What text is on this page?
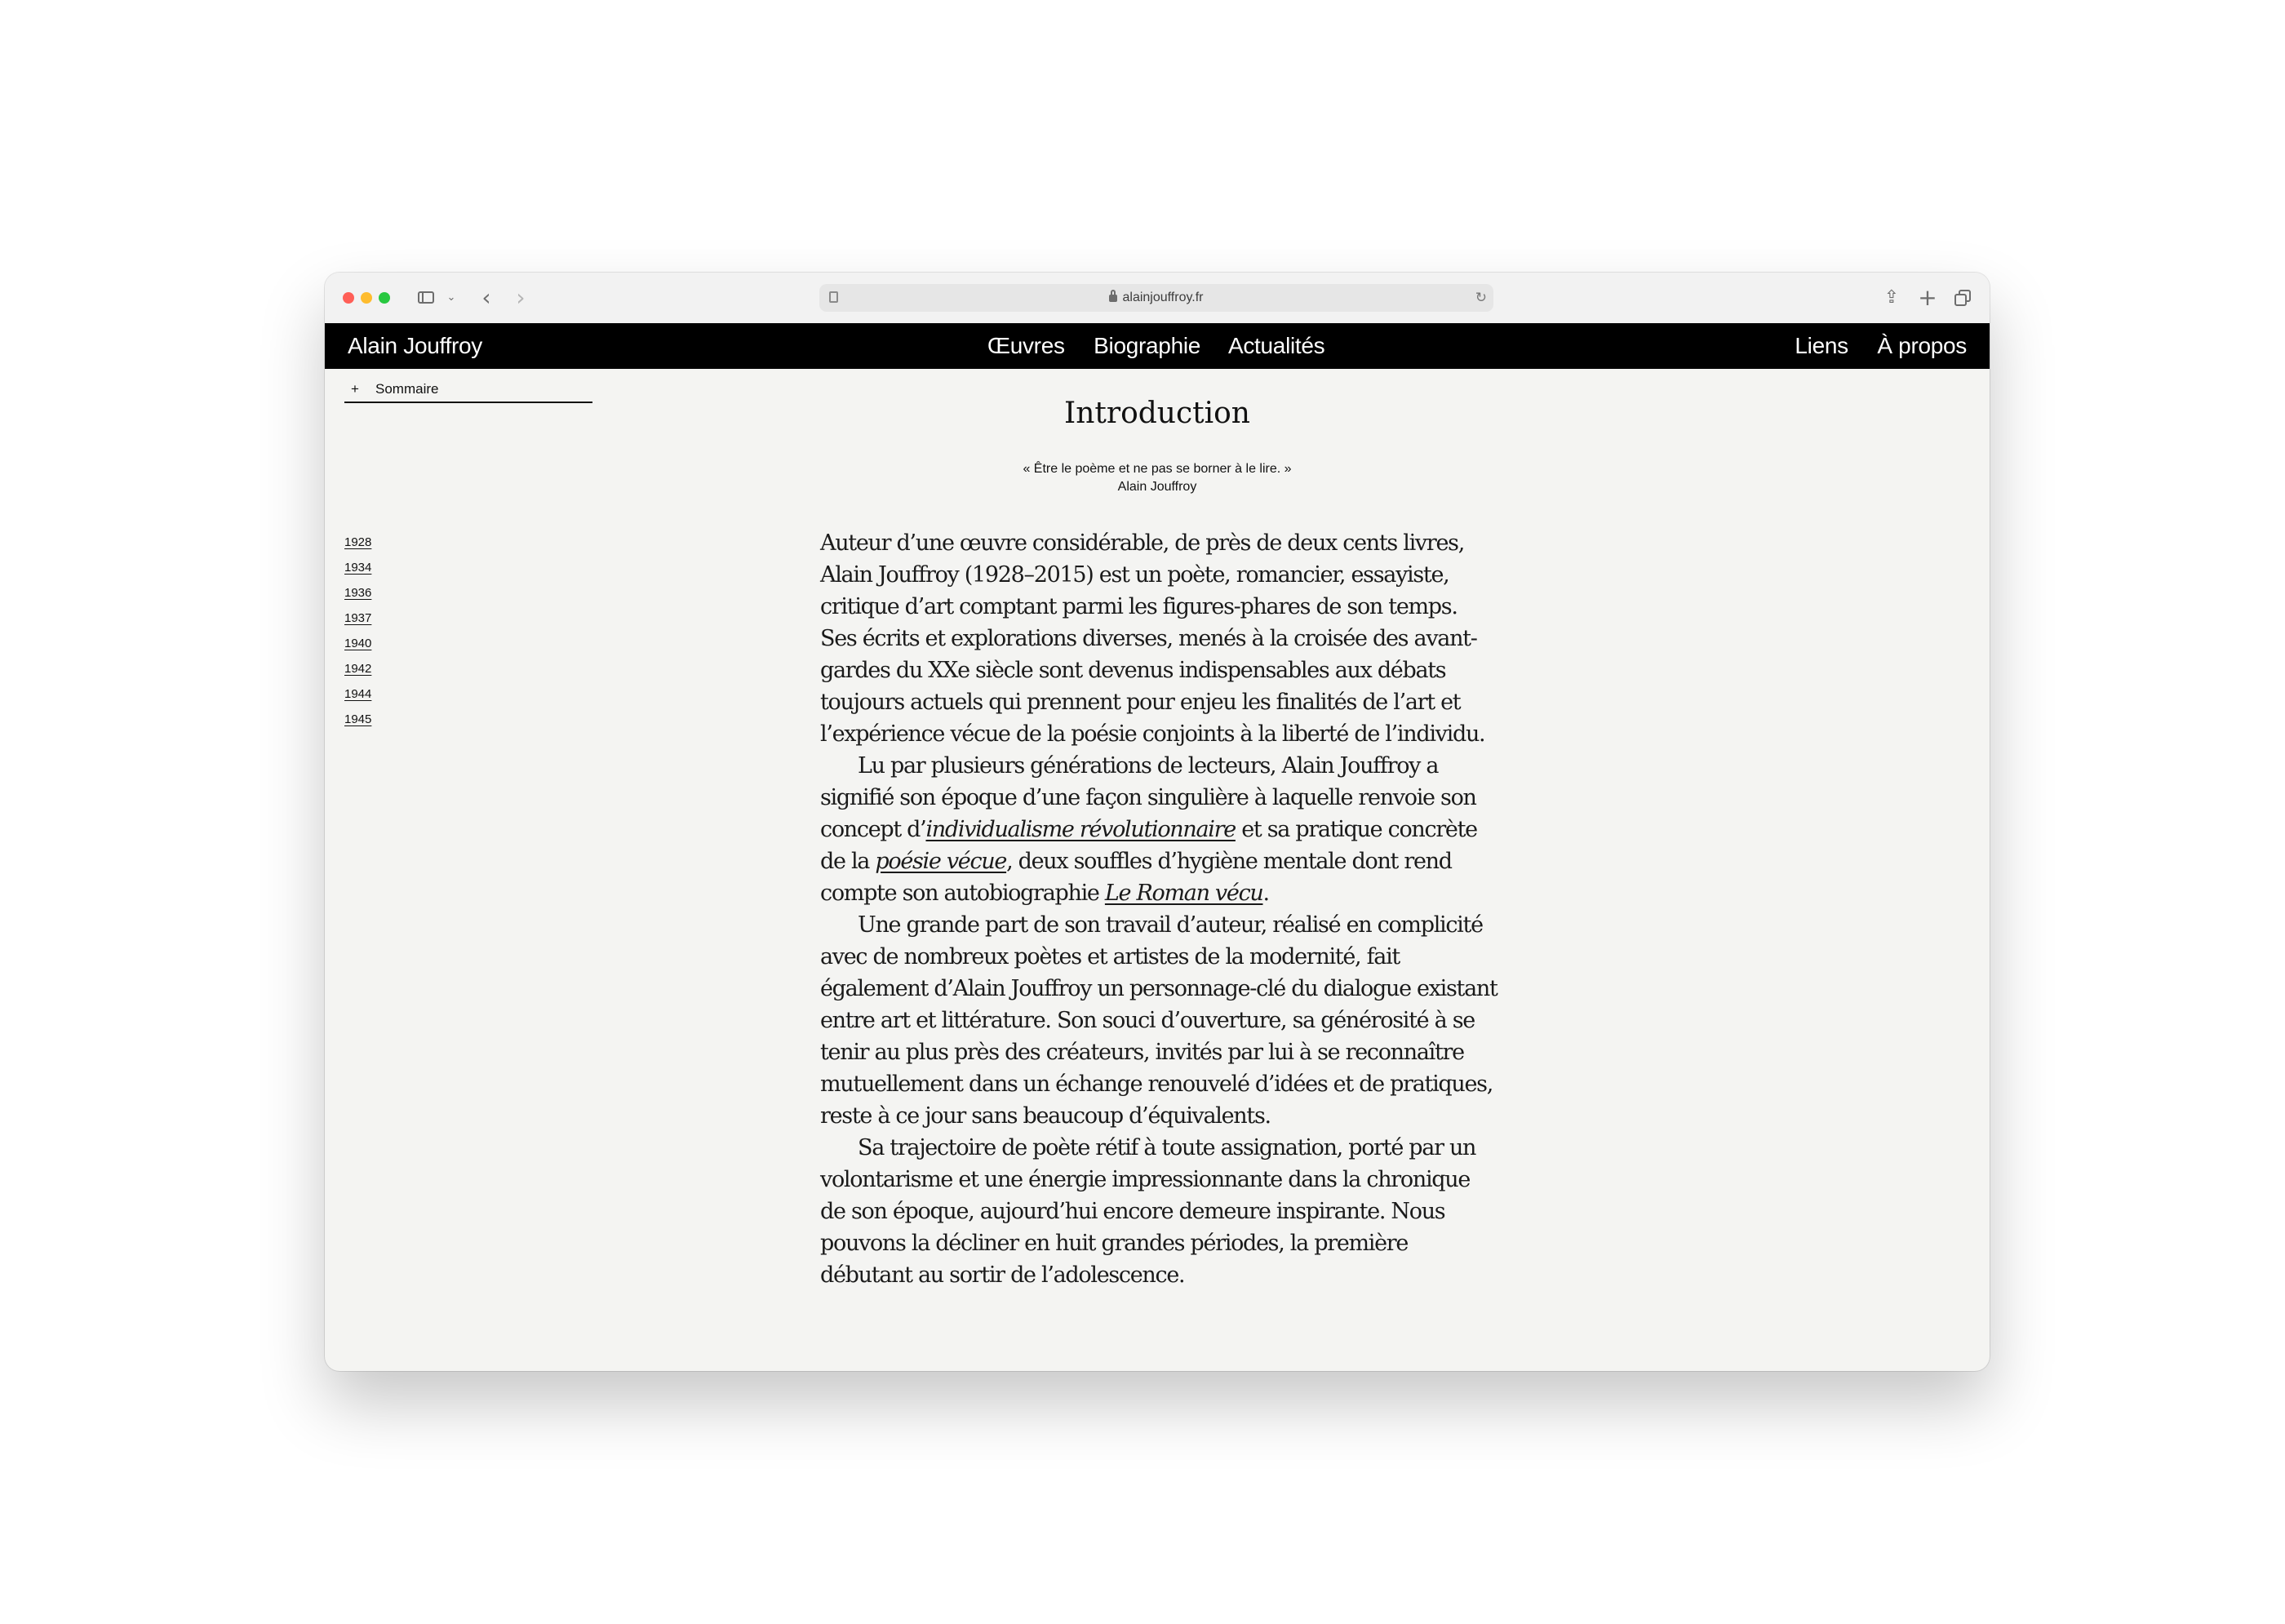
⌄ ‹ ›	alainjouffroy.fr	↻	⇪ +
Alain Jouffroy	Œuvres Biographie Actualités	Liens À propos
+ Sommaire
1928
1934
1936
1937
1940
1942
1944
1945
Introduction
« Être le poème et ne pas se borner à le lire. »
Alain Jouffroy

Auteur d’une œuvre considérable, de près de deux cents livres, Alain Jouffroy (1928–2015) est un poète, romancier, essayiste, critique d’art comptant parmi les figures-phares de son temps. Ses écrits et explorations diverses, menés à la croisée des avant-gardes du XXe siècle sont devenus indispensables aux débats toujours actuels qui prennent pour enjeu les finalités de l’art et l’expérience vécue de la poésie conjoints à la liberté de l’individu.

Lu par plusieurs générations de lecteurs, Alain Jouffroy a signifié son époque d’une façon singulière à laquelle renvoie son concept d’individualisme révolutionnaire et sa pratique concrète de la poésie vécue, deux souffles d’hygiène mentale dont rend compte son autobiographie Le Roman vécu.

Une grande part de son travail d’auteur, réalisé en complicité avec de nombreux poètes et artistes de la modernité, fait également d’Alain Jouffroy un personnage-clé du dialogue existant entre art et littérature. Son souci d’ouverture, sa générosité à se tenir au plus près des créateurs, invités par lui à se reconnaître mutuellement dans un échange renouvelé d’idées et de pratiques, reste à ce jour sans beaucoup d’équivalents.

Sa trajectoire de poète rétif à toute assignation, porté par un volontarisme et une énergie impressionnante dans la chronique de son époque, aujourd’hui encore demeure inspirante. Nous pouvons la décliner en huit grandes périodes, la première débutant au sortir de l’adolescence.
